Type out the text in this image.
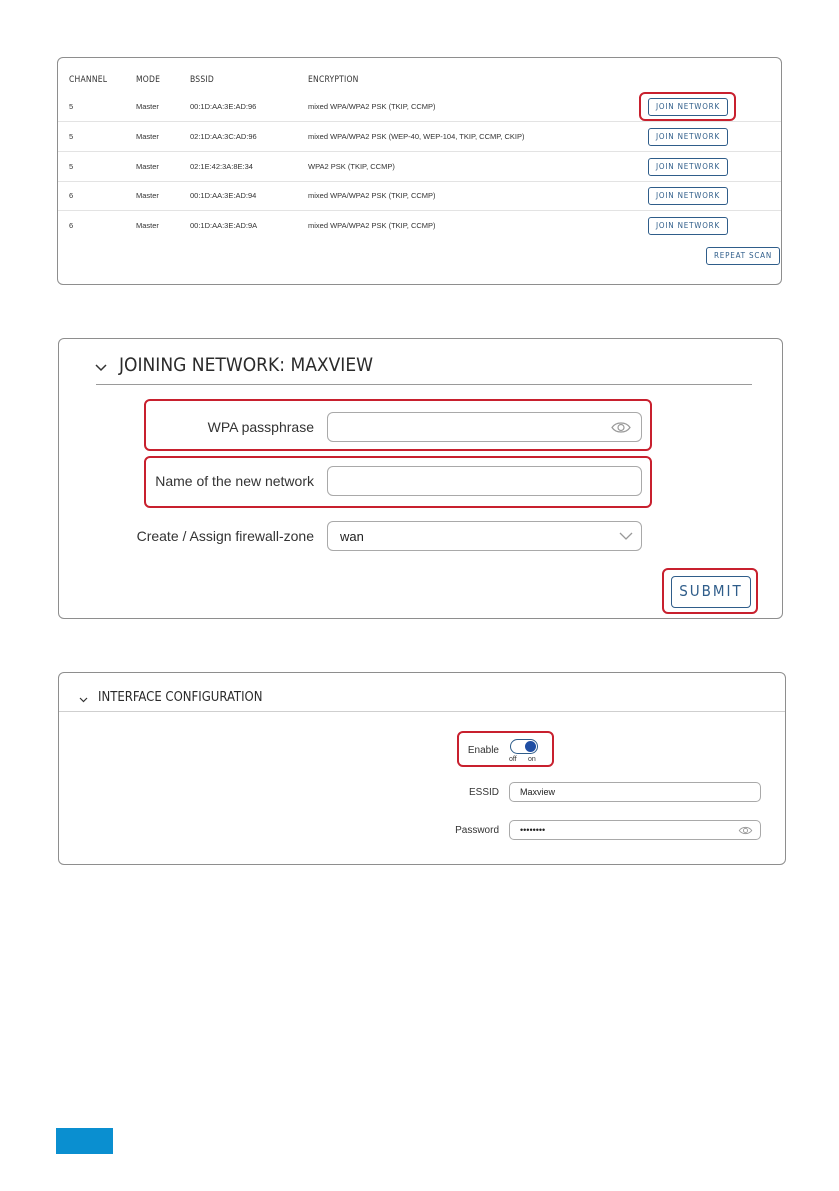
CHANNEL	MODE	BSSID	ENCRYPTION
5	Master	00:1D:AA:3E:AD:96	mixed WPA/WPA2 PSK (TKIP, CCMP)	JOIN NETWORK
5	Master	02:1D:AA:3C:AD:96	mixed WPA/WPA2 PSK (WEP-40, WEP-104, TKIP, CCMP, CKIP)	JOIN NETWORK
5	Master	02:1E:42:3A:8E:34	WPA2 PSK (TKIP, CCMP)	JOIN NETWORK
6	Master	00:1D:AA:3E:AD:94	mixed WPA/WPA2 PSK (TKIP, CCMP)	JOIN NETWORK
6	Master	00:1D:AA:3E:AD:9A	mixed WPA/WPA2 PSK (TKIP, CCMP)	JOIN NETWORK
REPEAT SCAN
JOINING NETWORK: MAXVIEW
WPA passphrase
Name of the new network
Create / Assign firewall-zone wan
SUBMIT
INTERFACE CONFIGURATION
Enable
off on
ESSID Maxview
Password ••••••••
